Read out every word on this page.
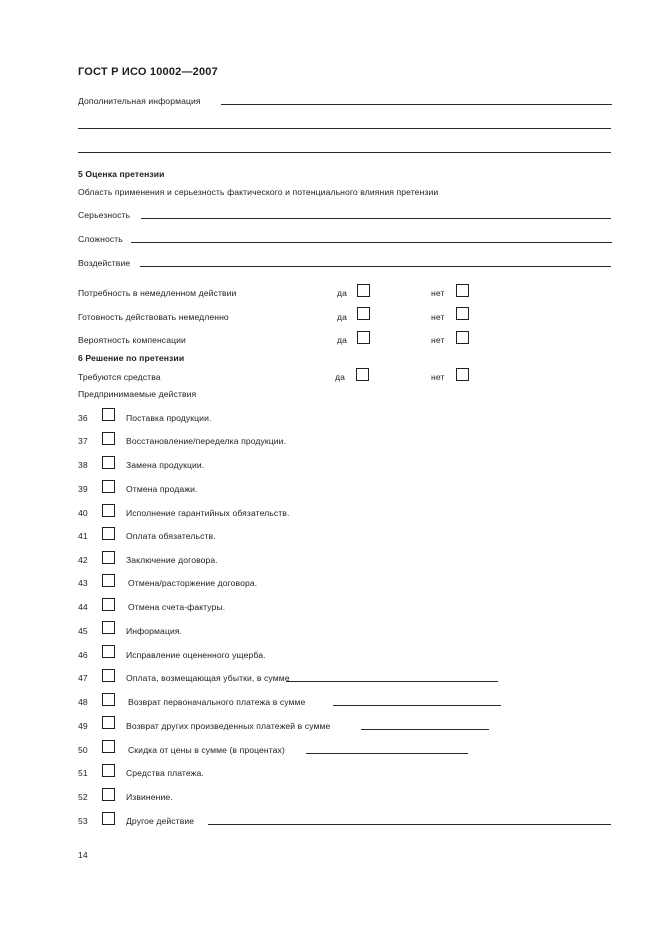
ГОСТ Р ИСО 10002—2007
Дополнительная информация
5 Оценка претензии
Область применения и серьезность фактического и потенциального влияния претензии
Серьезность
Сложность
Воздействие
Потребность в немедленном действии	да	нет
Готовность действовать немедленно	да	нет
Вероятность компенсации	да	нет
6 Решение по претензии
Требуются средства	да	нет
Предпринимаемые действия
36	Поставка продукции.
37	Восстановление/переделка продукции.
38	Замена продукции.
39	Отмена продажи.
40	Исполнение гарантийных обязательств.
41	Оплата обязательств.
42	Заключение договора.
43	Отмена/расторжение договора.
44	Отмена счета-фактуры.
45	Информация.
46	Исправление оцененного ущерба.
47	Оплата, возмещающая убытки, в сумме
48	Возврат первоначального платежа в сумме
49	Возврат других произведенных платежей в сумме
50	Скидка от цены в сумме (в процентах)
51	Средства платежа.
52	Извинение.
53	Другое действие
14
